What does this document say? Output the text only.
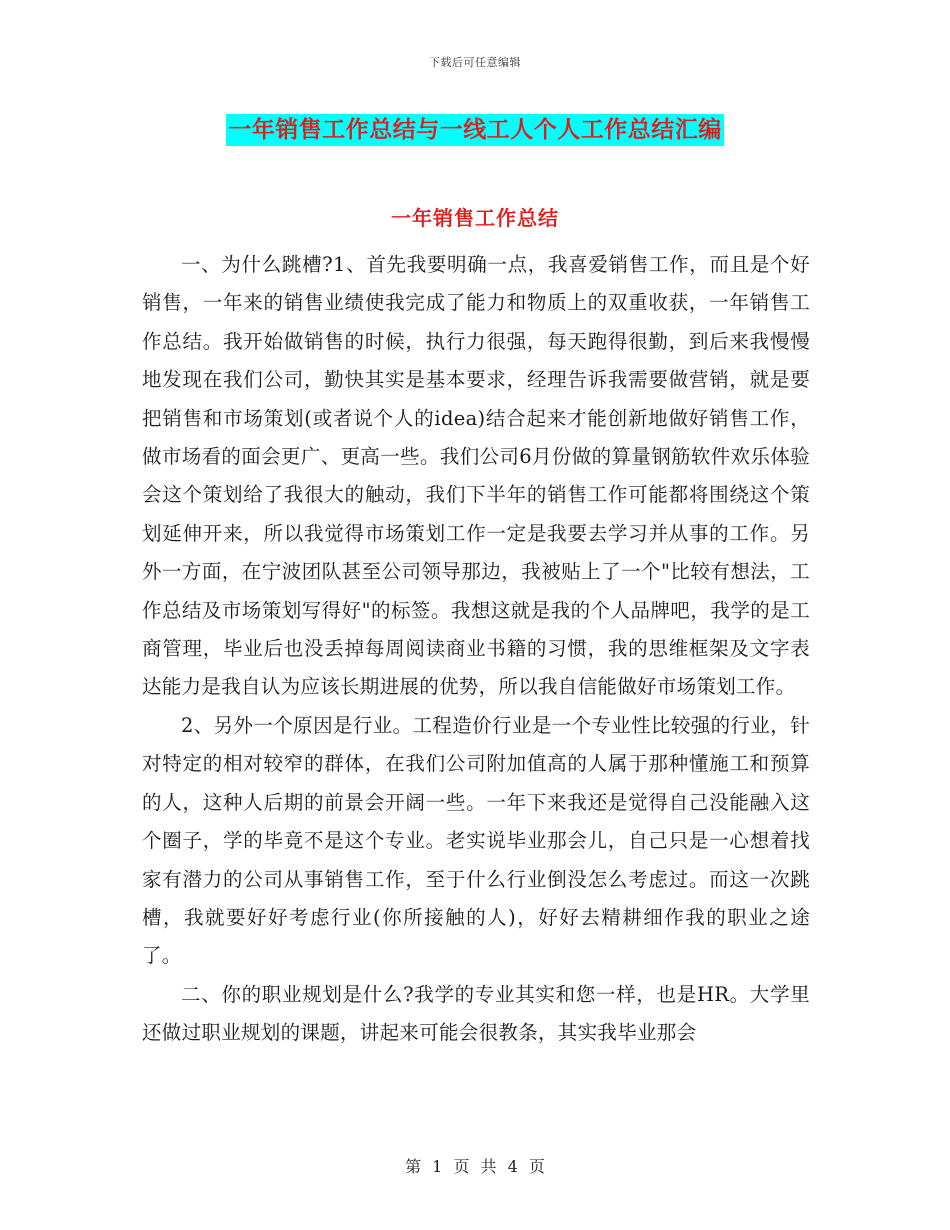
下载后可任意编辑
一年销售工作总结与一线工人个人工作总结汇编
一年销售工作总结

一、为什么跳槽?1、首先我要明确一点，我喜爱销售工作，而且是个好销售，一年来的销售业绩使我完成了能力和物质上的双重收获，一年销售工作总结。我开始做销售的时候，执行力很强，每天跑得很勤，到后来我慢慢地发现在我们公司，勤快其实是基本要求，经理告诉我需要做营销，就是要把销售和市场策划(或者说个人的idea)结合起来才能创新地做好销售工作，做市场看的面会更广、更高一些。我们公司6月份做的算量钢筋软件欢乐体验会这个策划给了我很大的触动，我们下半年的销售工作可能都将围绕这个策划延伸开来，所以我觉得市场策划工作一定是我要去学习并从事的工作。另外一方面，在宁波团队甚至公司领导那边，我被贴上了一个"比较有想法，工作总结及市场策划写得好"的标签。我想这就是我的个人品牌吧，我学的是工商管理，毕业后也没丢掉每周阅读商业书籍的习惯，我的思维框架及文字表达能力是我自认为应该长期进展的优势，所以我自信能做好市场策划工作。

2、另外一个原因是行业。工程造价行业是一个专业性比较强的行业，针对特定的相对较窄的群体，在我们公司附加值高的人属于那种懂施工和预算的人，这种人后期的前景会开阔一些。一年下来我还是觉得自己没能融入这个圈子，学的毕竟不是这个专业。老实说毕业那会儿，自己只是一心想着找家有潜力的公司从事销售工作，至于什么行业倒没怎么考虑过。而这一次跳槽，我就要好好考虑行业(你所接触的人)，好好去精耕细作我的职业之途了。

二、你的职业规划是什么?我学的专业其实和您一样，也是HR。大学里还做过职业规划的课题，讲起来可能会很教条，其实我毕业那会

第 1 页 共 4 页
